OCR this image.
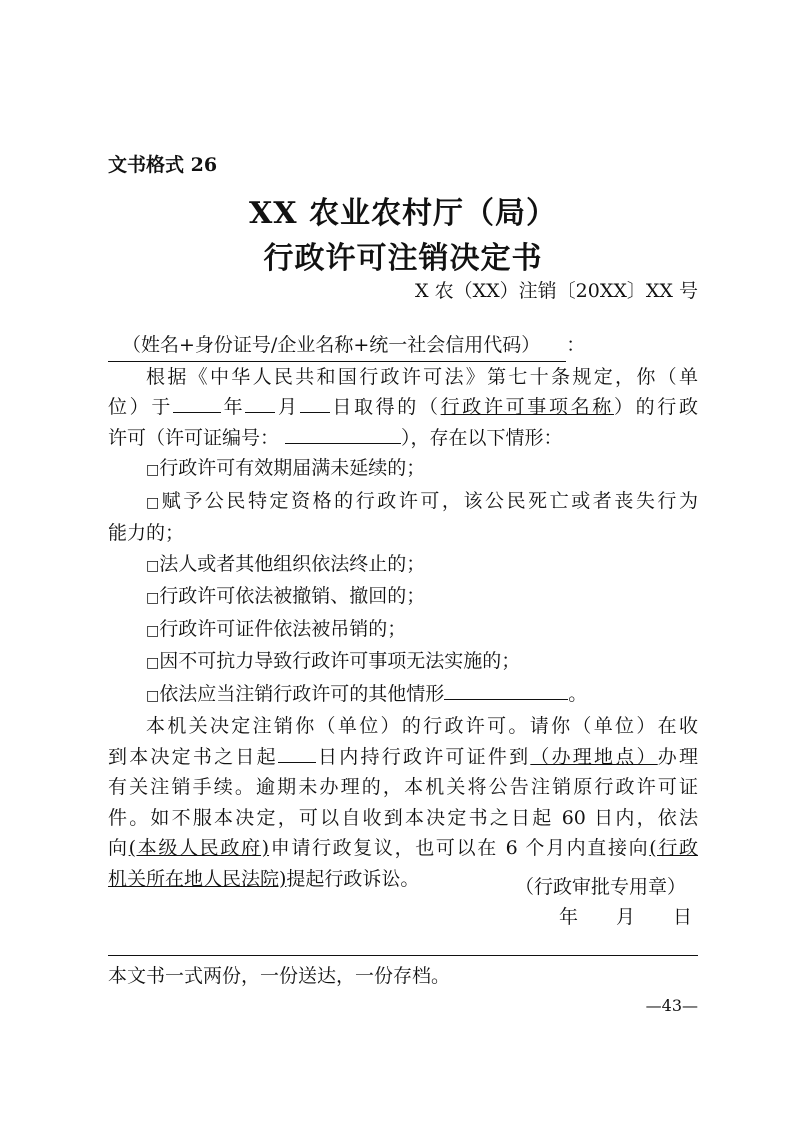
文书格式 26
XX 农业农村厅（局）
行政许可注销决定书
X 农（XX）注销〔20XX〕XX 号
（姓名+身份证号/企业名称+统一社会信用代码） ：
根据《中华人民共和国行政许可法》第七十条规定，你（单
位）于	年 月 日取得的（行政许可事项名称）的行政
许可（许可证编号：	），存在以下情形：
□行政许可有效期届满未延续的；
□赋予公民特定资格的行政许可，该公民死亡或者丧失行为
能力的；
□法人或者其他组织依法终止的；
□行政许可依法被撤销、撤回的；
□行政许可证件依法被吊销的；
□因不可抗力导致行政许可事项无法实施的；
□依法应当注销行政许可的其他情形	。
本机关决定注销你（单位）的行政许可。请你（单位）在收
到本决定书之日起 日内持行政许可证件到（办理地点）办理
有关注销手续。逾期未办理的，本机关将公告注销原行政许可证
件。如不服本决定，可以自收到本决定书之日起 60 日内，依法
向(本级人民政府)申请行政复议，也可以在 6 个月内直接向(行政
机关所在地人民法院)提起行政诉讼。	（行政审批专用章）
年 月 日
本文书一式两份，一份送达，一份存档。
—43—
